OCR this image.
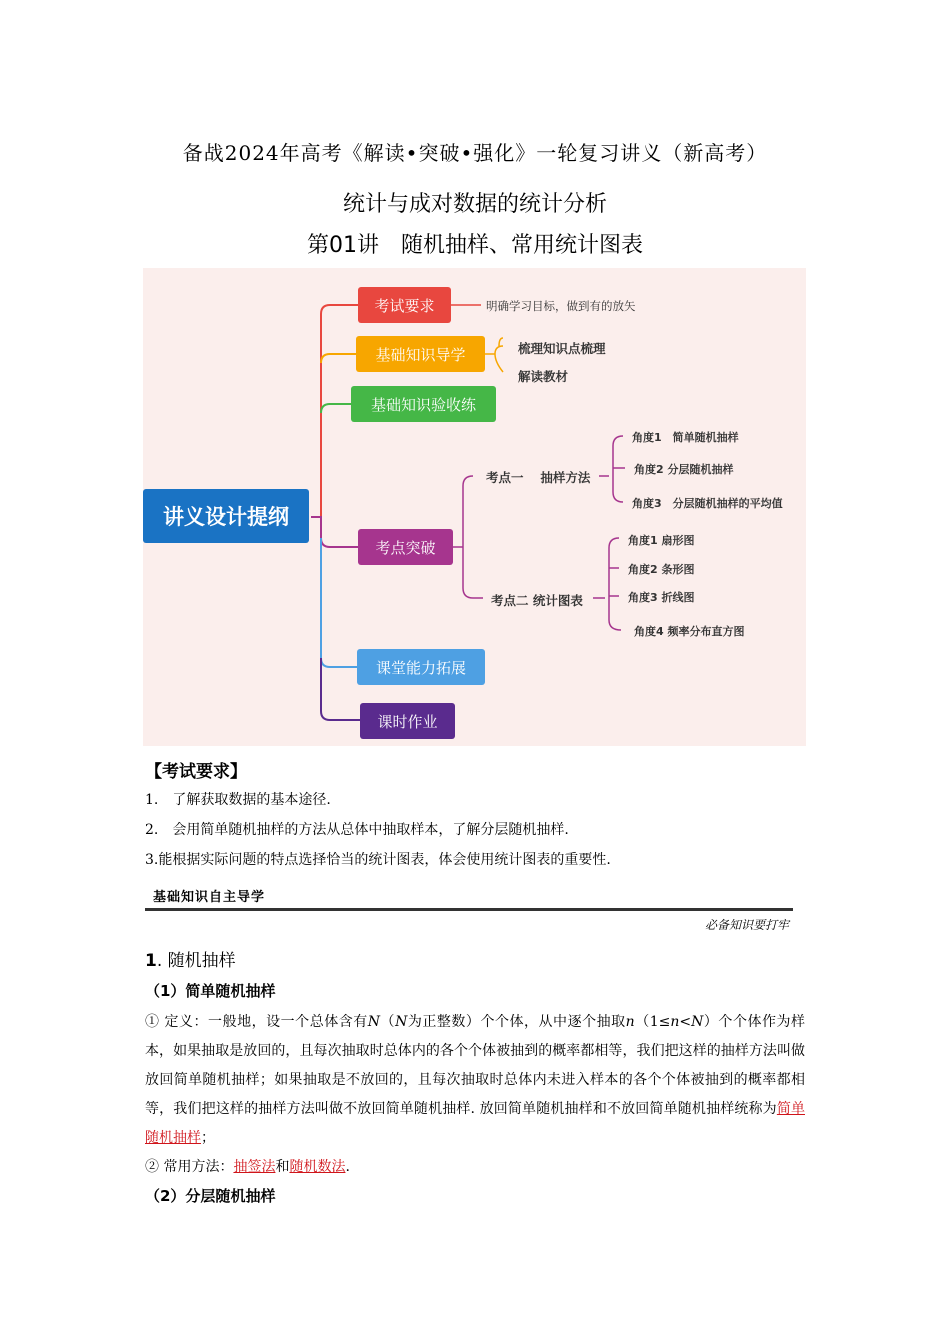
备战2024年高考《解读•突破•强化》一轮复习讲义（新高考）
统计与成对数据的统计分析
第01讲　随机抽样、常用统计图表
讲义设计提纲
考试要求	明确学习目标，做到有的放矢
基础知识导学	梳理知识点梳理
解读教材
基础知识验收练
考点突破
考点一　 抽样方法
角度1　简单随机抽样
角度2 分层随机抽样
角度3　分层随机抽样的平均值
考点二 统计图表
角度1 扇形图
角度2 条形图
角度3 折线图
角度4 频率分布直方图
课堂能力拓展
课时作业
【考试要求】
1.　了解获取数据的基本途径.
2.　会用简单随机抽样的方法从总体中抽取样本，了解分层随机抽样.
3.能根据实际问题的特点选择恰当的统计图表，体会使用统计图表的重要性.
基础知识自主导学
必备知识要打牢
1. 随机抽样
（1）简单随机抽样
① 定义：一般地，设一个总体含有N（N为正整数）个个体，从中逐个抽取n（1≤n<N）个个体作为样本，如果抽取是放回的，且每次抽取时总体内的各个个体被抽到的概率都相等，我们把这样的抽样方法叫做放回简单随机抽样；如果抽取是不放回的，且每次抽取时总体内未进入样本的各个个体被抽到的概率都相等，我们把这样的抽样方法叫做不放回简单随机抽样. 放回简单随机抽样和不放回简单随机抽样统称为简单随机抽样；
② 常用方法：抽签法和随机数法.
（2）分层随机抽样
